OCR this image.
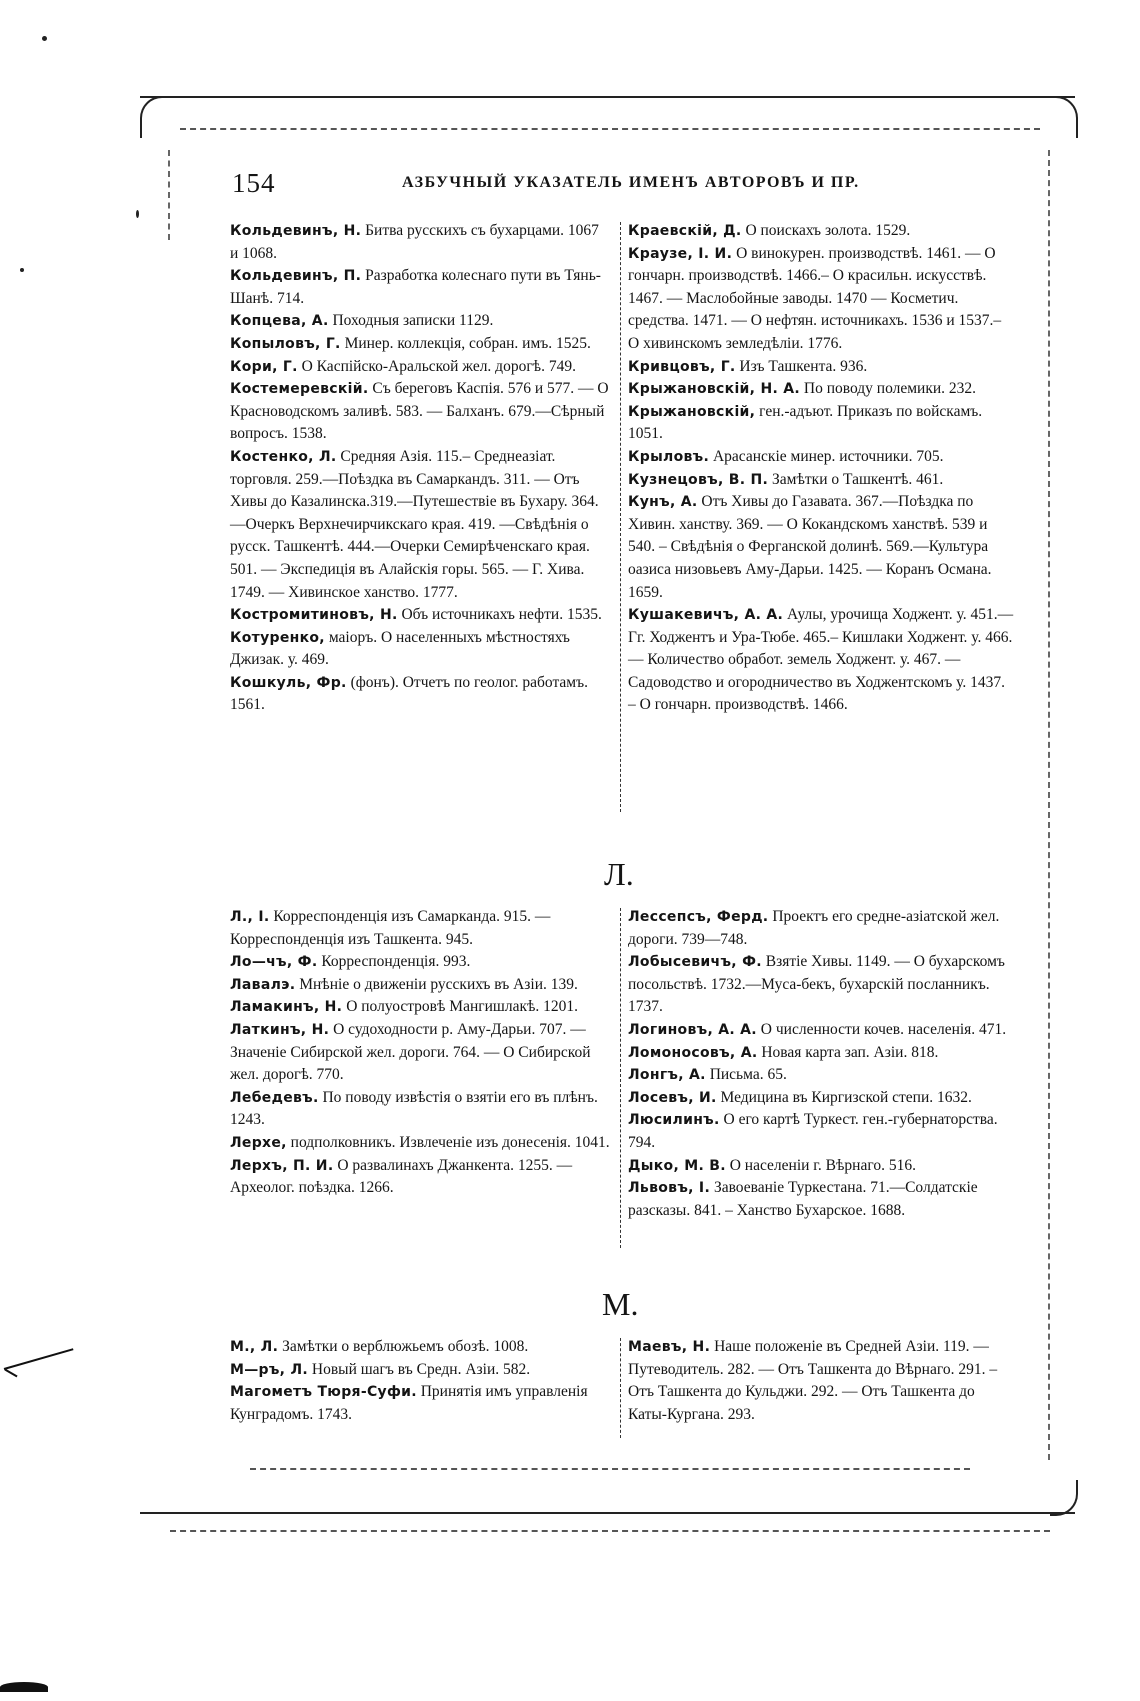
154	АЗБУЧНЫЙ УКАЗАТЕЛЬ ИМЕНЪ АВТОРОВЪ И ПР.

Кольдевинъ, Н. Битва русскихъ съ бухарцами. 1067 и 1068.

Кольдевинъ, П. Разработка колеснаго пути въ Тянь-Шанѣ. 714.

Копцева, А. Походныя записки 1129.

Копыловъ, Г. Минер. коллекція, собран. имъ. 1525.

Кори, Г. О Каспійско-Аральской жел. дорогѣ. 749.

Костемеревскій. Съ береговъ Каспія. 576 и 577. — О Красноводскомъ заливѣ. 583. — Балханъ. 679.—Сѣрный вопросъ. 1538.

Костенко, Л. Средняя Азія. 115.– Среднеазіат. торговля. 259.—Поѣздка въ Самаркандъ. 311. — Отъ Хивы до Казалинска.319.—Путешествіе въ Бухару. 364.—Очеркъ Верхнечирчикскаго края. 419. —Свѣдѣнія о русск. Ташкентѣ. 444.—Очерки Семирѣченскаго края. 501. — Экспедиція въ Алайскія горы. 565. — Г. Хива. 1749. — Хивинское ханство. 1777.

Костромитиновъ, Н. Объ источникахъ нефти. 1535.

Котуренко, маіоръ. О населенныхъ мѣстностяхъ Джизак. у. 469.

Кошкуль, Фр. (фонъ). Отчетъ по геолог. работамъ. 1561.

Краевскій, Д. О поискахъ золота. 1529.

Краузе, I. И. О винокурен. производствѣ. 1461. — О гончарн. производствѣ. 1466.– О красильн. искусствѣ. 1467. — Маслобойные заводы. 1470 — Косметич. средства. 1471. — О нефтян. источникахъ. 1536 и 1537.– О хивинскомъ земледѣліи. 1776.

Кривцовъ, Г. Изъ Ташкента. 936.

Крыжановскій, Н. А. По поводу полемики. 232.

Крыжановскій, ген.-адъют. Приказъ по войскамъ. 1051.

Крыловъ. Арасанскіе минер. источники. 705.

Кузнецовъ, В. П. Замѣтки о Ташкентѣ. 461.

Кунъ, А. Отъ Хивы до Газавата. 367.—Поѣздка по Хивин. ханству. 369. — О Кокандскомъ ханствѣ. 539 и 540. – Свѣдѣнія о Ферганской долинѣ. 569.—Культура оазиса низовьевъ Аму-Дарьи. 1425. — Коранъ Османа. 1659.

Кушакевичъ, А. А. Аулы, урочища Ходжент. у. 451.—Гг. Ходжентъ и Ура-Тюбе. 465.– Кишлаки Ходжент. у. 466. — Количество обработ. земель Ходжент. у. 467. — Садоводство и огородничество въ Ходжентскомъ у. 1437. – О гончарн. производствѣ. 1466.

Л.

Л., I. Корреспонденція изъ Самарканда. 915. — Корреспонденція изъ Ташкента. 945.

Ло—чъ, Ф. Корреспонденція. 993.

Лавалэ. Мнѣніе о движеніи русскихъ въ Азіи. 139.

Ламакинъ, Н. О полуостровѣ Мангишлакѣ. 1201.

Латкинъ, Н. О судоходности р. Аму-Дарьи. 707. — Значеніе Сибирской жел. дороги. 764. — О Сибирской жел. дорогѣ. 770.

Лебедевъ. По поводу извѣстія о взятіи его въ плѣнъ. 1243.

Лерхе, подполковникъ. Извлеченіе изъ донесенія. 1041.

Лерхъ, П. И. О развалинахъ Джанкента. 1255. — Археолог. поѣздка. 1266.

Лессепсъ, Ферд. Проектъ его средне-азіатской жел. дороги. 739—748.

Лобысевичъ, Ф. Взятіе Хивы. 1149. — О бухарскомъ посольствѣ. 1732.—Муса-бекъ, бухарскій посланникъ. 1737.

Логиновъ, А. А. О численности кочев. населенія. 471.

Ломоносовъ, А. Новая карта зап. Азіи. 818.

Лонгъ, А. Письма. 65.

Лосевъ, И. Медицина въ Киргизской степи. 1632.

Люсилинъ. О его картѣ Туркест. ген.-губернаторства. 794.

Дыко, М. В. О населеніи г. Вѣрнаго. 516.

Львовъ, I. Завоеваніе Туркестана. 71.—Солдатскіе разсказы. 841. – Ханство Бухарское. 1688.

М.

М., Л. Замѣтки о верблюжьемъ обозѣ. 1008.

М—ръ, Л. Новый шагъ въ Средн. Азіи. 582.

Магометъ Тюря-Суфи. Принятія имъ управленія Кунградомъ. 1743.

Маевъ, Н. Наше положеніе въ Средней Азіи. 119. — Путеводитель. 282. — Отъ Ташкента до Вѣрнаго. 291. – Отъ Ташкента до Кульджи. 292. — Отъ Ташкента до Каты-Кургана. 293.
